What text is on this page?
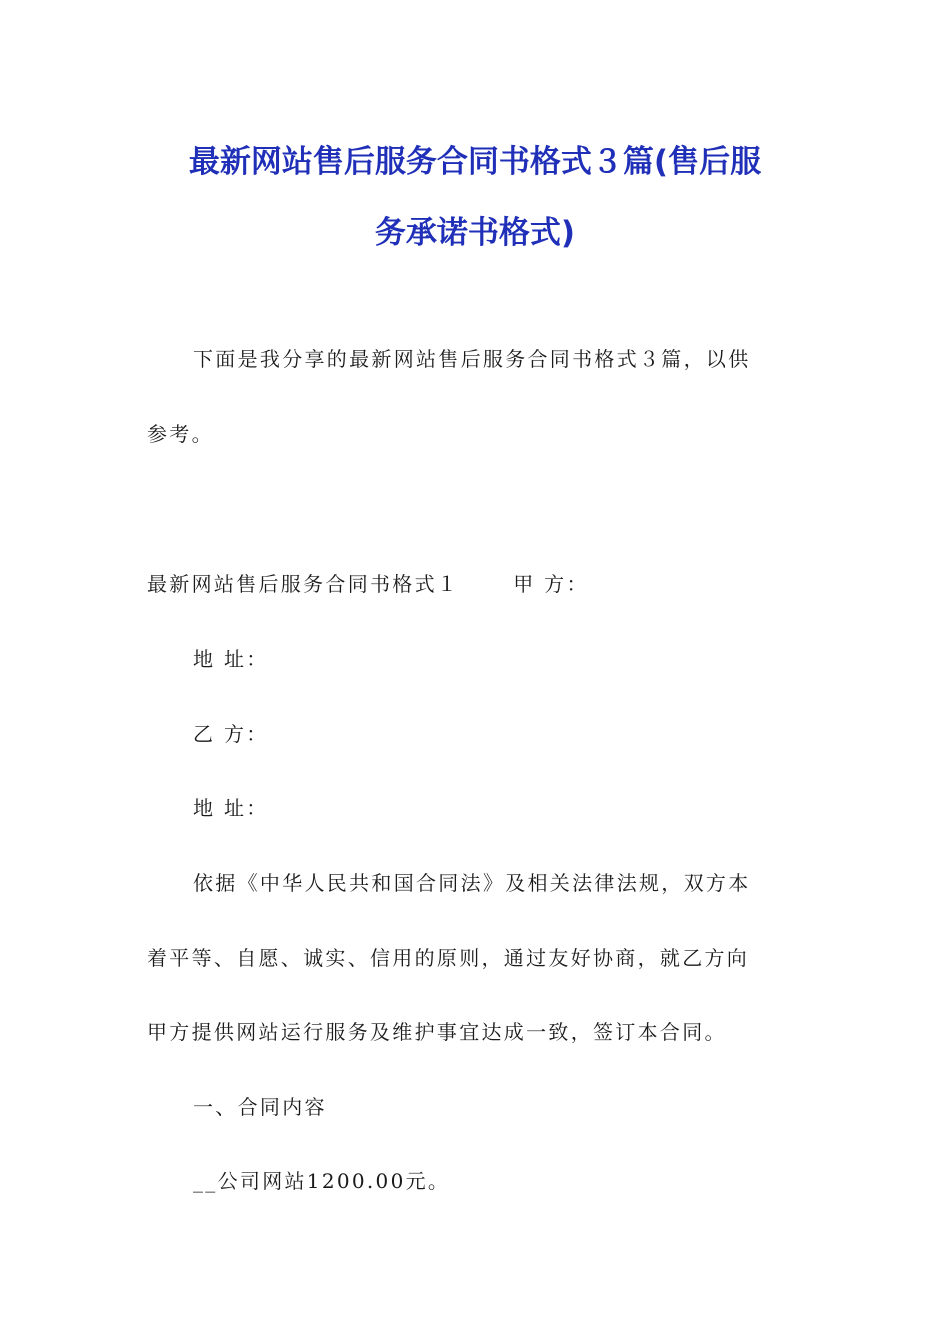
最新网站售后服务合同书格式３篇(售后服
务承诺书格式)

下面是我分享的最新网站售后服务合同书格式３篇，以供

参考。

最新网站售后服务合同书格式１	甲 方：

地 址：

乙 方：

地 址：

依据《中华人民共和国合同法》及相关法律法规，双方本

着平等、自愿、诚实、信用的原则，通过友好协商，就乙方向

甲方提供网站运行服务及维护事宜达成一致，签订本合同。

一、合同内容

__公司网站1200.00元。
